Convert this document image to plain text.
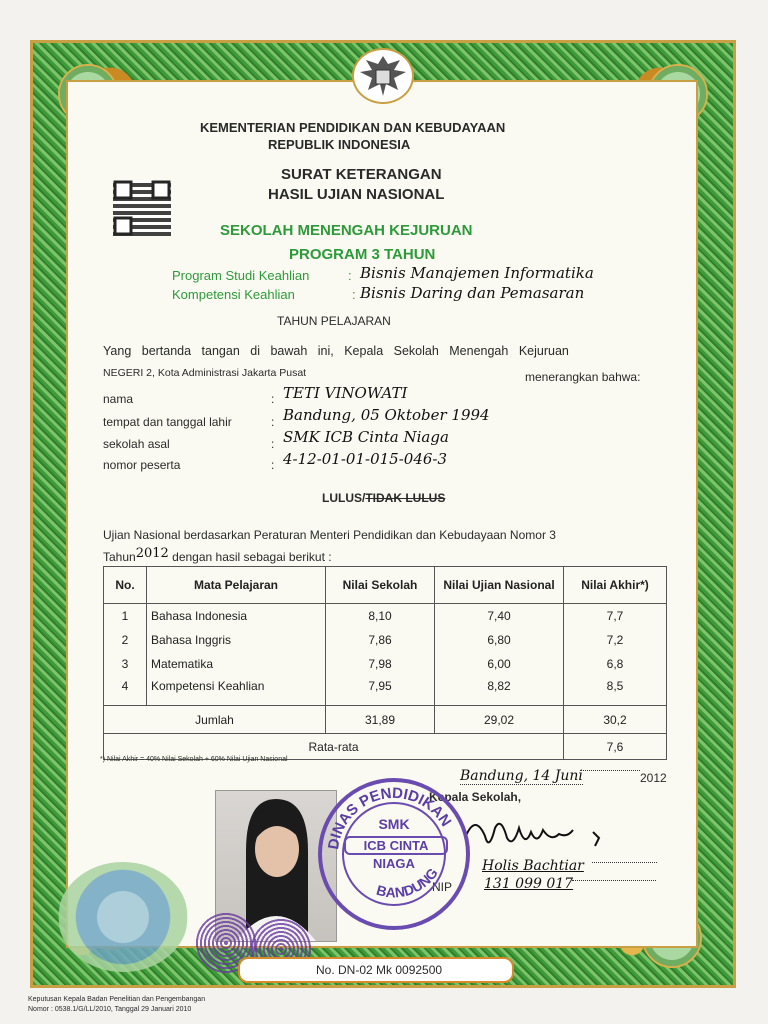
KEMENTERIAN PENDIDIKAN DAN KEBUDAYAAN
REPUBLIK INDONESIA
SURAT KETERANGAN
HASIL UJIAN NASIONAL
SEKOLAH MENENGAH KEJURUAN
PROGRAM 3 TAHUN
Program Studi Keahlian	: Bisnis Manajemen Informatika
Kompetensi Keahlian	: Bisnis Daring dan Pemasaran
TAHUN PELAJARAN
Yang bertanda tangan di bawah ini, Kepala Sekolah Menengah Kejuruan
NEGERI 2, Kota Administrasi Jakarta Pusat	menerangkan bahwa:
nama	: TETI VINOWATI
tempat dan tanggal lahir	: Bandung, 05 Oktober 1994
sekolah asal	: SMK ICB Cinta Niaga
nomor peserta	: 4-12-01-01-015-046-3
LULUS/TIDAK LULUS
Ujian Nasional berdasarkan Peraturan Menteri Pendidikan dan Kebudayaan Nomor 3
Tahun2012 dengan hasil sebagai berikut :
No.	Mata Pelajaran	Nilai Sekolah	Nilai Ujian Nasional	Nilai Akhir*)
1	Bahasa Indonesia	8,10	7,40	7,7
2	Bahasa Inggris	7,86	6,80	7,2
3	Matematika	7,98	6,00	6,8
4	Kompetensi Keahlian	7,95	8,82	8,5
Jumlah		31,89	29,02	30,2
Rata-rata				7,6
*) Nilai Akhir = 40% Nilai Sekolah + 60% Nilai Ujian Nasional
Bandung, 14 Juni	2012
Kepala Sekolah,
Holis Bachtiar
NIP 131 099 017
DINAS PENDIDIKAN
BANDUNG
SMK
ICB CINTA
NIAGA
No. DN-02 Mk 0092500
Keputusan Kepala Badan Penelitian dan Pengembangan
Nomor : 0538.1/G/LL/2010, Tanggal 29 Januari 2010
